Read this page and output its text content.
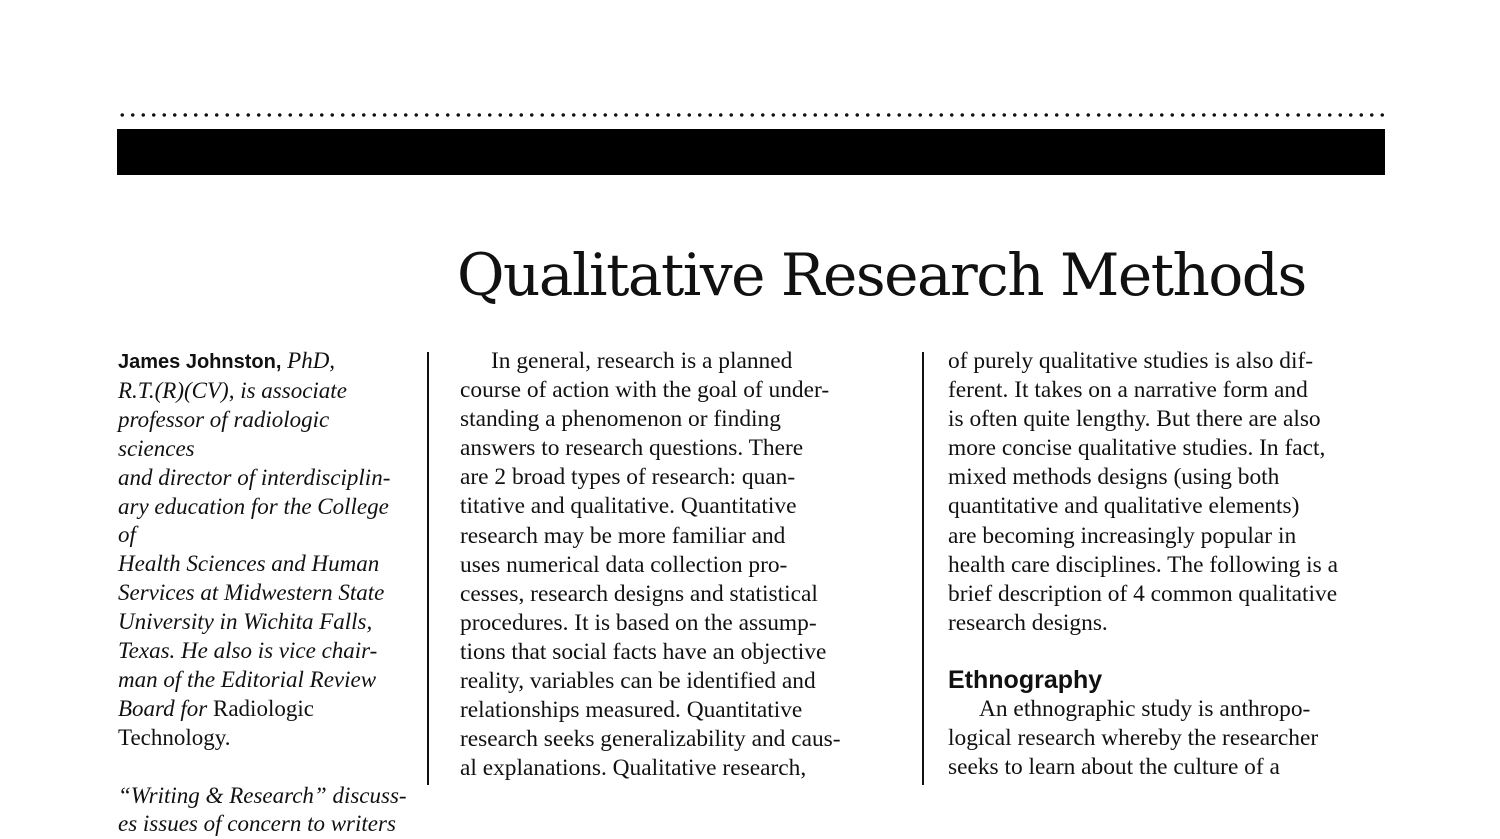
Qualitative Research Methods

James Johnston, PhD,
R.T.(R)(CV), is associate
professor of radiologic sciences
and director of interdisciplin-
ary education for the College of
Health Sciences and Human
Services at Midwestern State
University in Wichita Falls,
Texas. He also is vice chair-
man of the Editorial Review
Board for Radiologic
Technology.

“Writing & Research” discuss-
es issues of concern to writers

In general, research is a planned
course of action with the goal of under-
standing a phenomenon or finding
answers to research questions. There
are 2 broad types of research: quan-
titative and qualitative. Quantitative
research may be more familiar and
uses numerical data collection pro-
cesses, research designs and statistical
procedures. It is based on the assump-
tions that social facts have an objective
reality, variables can be identified and
relationships measured. Quantitative
research seeks generalizability and caus-
al explanations. Qualitative research,
of purely qualitative studies is also dif-
ferent. It takes on a narrative form and
is often quite lengthy. But there are also
more concise qualitative studies. In fact,
mixed methods designs (using both
quantitative and qualitative elements)
are becoming increasingly popular in
health care disciplines. The following is a
brief description of 4 common qualitative
research designs.
Ethnography
An ethnographic study is anthropo-
logical research whereby the researcher
seeks to learn about the culture of a
